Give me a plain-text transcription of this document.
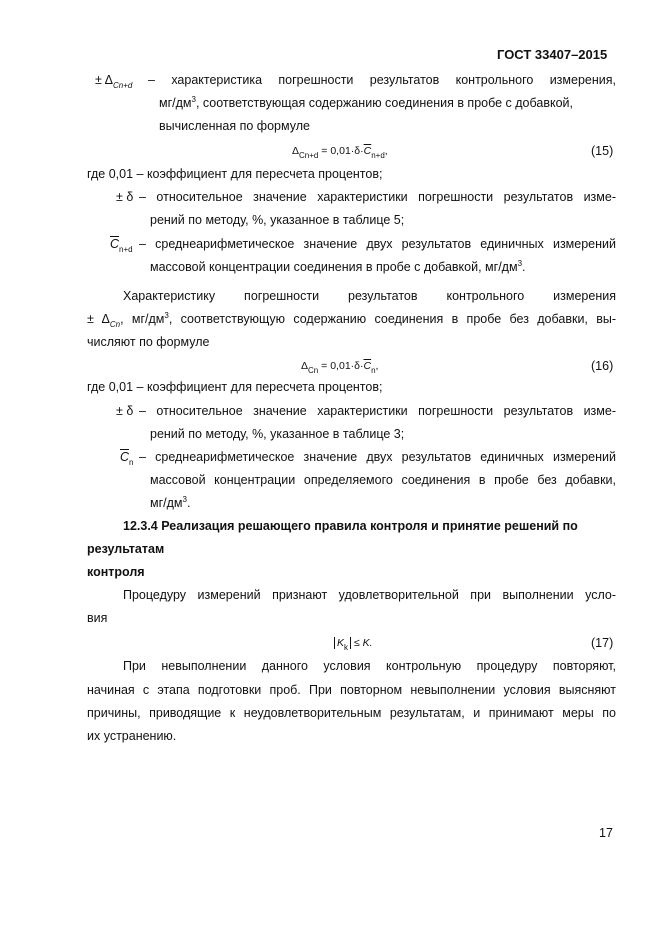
ГОСТ 33407–2015
± $\Delta_{Cn+d}$ – характеристика погрешности результатов контрольного измерения,
$мг/дм^3$, соответствующая содержанию соединения в пробе с добавкой,
вычисленная по формуле
$\Delta_{Cn+d} = 0,01\cdot\delta\cdot\overline{C}_{n+d}$,	(15)
где 0,01 – коэффициент для пересчета процентов;
± δ – относительное значение характеристики погрешности результатов изме-
рений по методу, %, указанное в таблице 5;
$\overline{C}_{n+d}$ – среднеарифметическое значение двух результатов единичных измерений
массовой концентрации соединения в пробе с добавкой, $мг/дм^3$.
Характеристику погрешности результатов контрольного измерения
± $\Delta_{Cn}$, $мг/дм^3$, соответствующую содержанию соединения в пробе без добавки, вы-
числяют по формуле
$\Delta_{Cn} = 0,01\cdot\delta\cdot\overline{C}_n$,	(16)
где 0,01 – коэффициент для пересчета процентов;
± δ – относительное значение характеристики погрешности результатов изме-
рений по методу, %, указанное в таблице 3;
$\overline{C}_n$ – среднеарифметическое значение двух результатов единичных измерений
массовой концентрации определяемого соединения в пробе без добавки,
$мг/дм^3$.
12.3.4 Реализация решающего правила контроля и принятие решений по
результатам
контроля
Процедуру измерений признают удовлетворительной при выполнении усло-
вия
$K_k \le K$.	(17)
При невыполнении данного условия контрольную процедуру повторяют,
начиная с этапа подготовки проб. При повторном невыполнении условия выясняют
причины, приводящие к неудовлетворительным результатам, и принимают меры по
их устранению.
17
